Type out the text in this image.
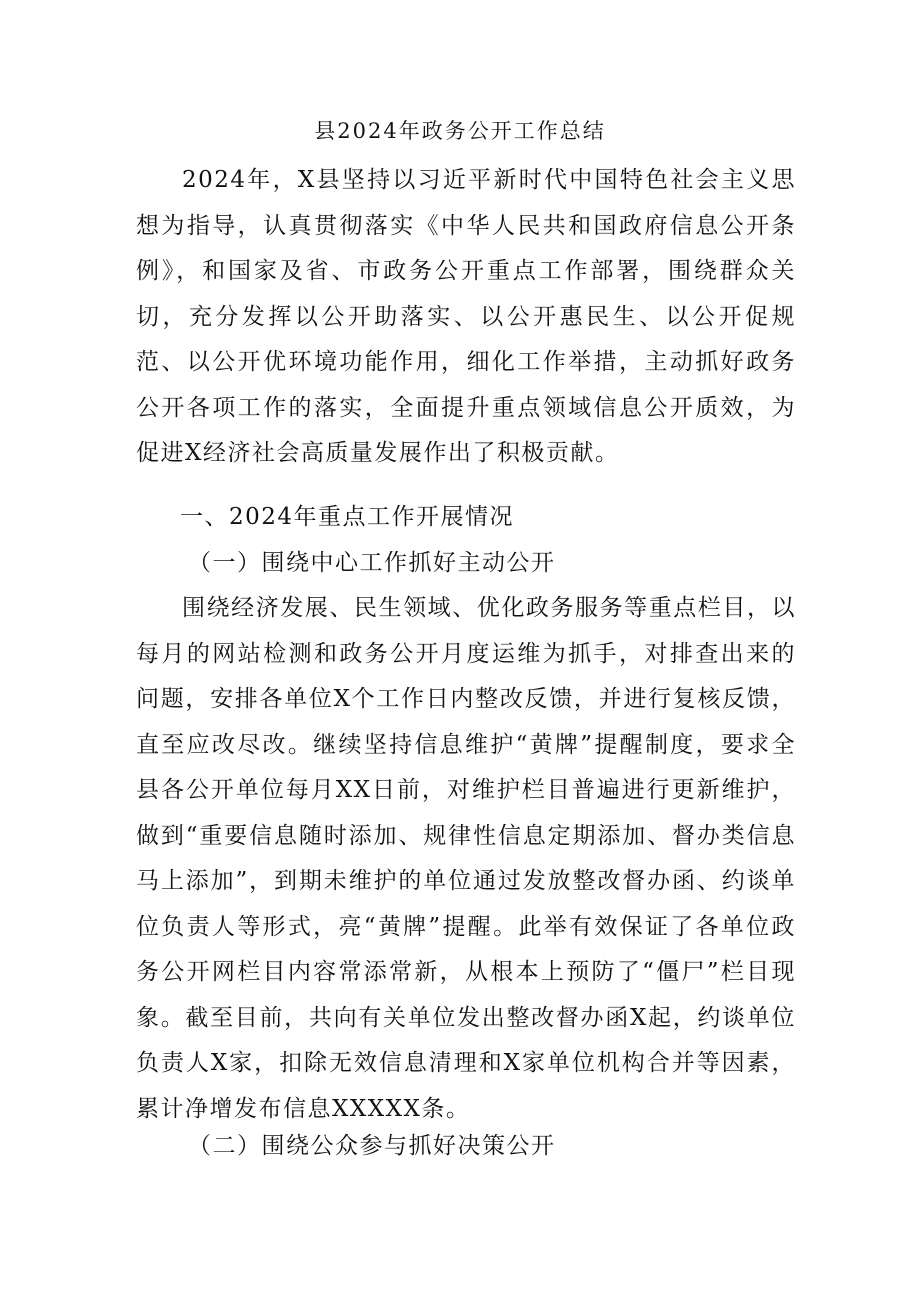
县2024年政务公开工作总结
2024年，X县坚持以习近平新时代中国特色社会主义思想为指导，认真贯彻落实《中华人民共和国政府信息公开条例》，和国家及省、市政务公开重点工作部署，围绕群众关切，充分发挥以公开助落实、以公开惠民生、以公开促规范、以公开优环境功能作用，细化工作举措，主动抓好政务公开各项工作的落实，全面提升重点领域信息公开质效，为促进X经济社会高质量发展作出了积极贡献。
一、2024年重点工作开展情况
（一）围绕中心工作抓好主动公开
围绕经济发展、民生领域、优化政务服务等重点栏目，以每月的网站检测和政务公开月度运维为抓手，对排查出来的问题，安排各单位X个工作日内整改反馈，并进行复核反馈，直至应改尽改。继续坚持信息维护“黄牌”提醒制度，要求全县各公开单位每月XX日前，对维护栏目普遍进行更新维护，做到“重要信息随时添加、规律性信息定期添加、督办类信息马上添加”，到期未维护的单位通过发放整改督办函、约谈单位负责人等形式，亮“黄牌”提醒。此举有效保证了各单位政务公开网栏目内容常添常新，从根本上预防了“僵尸”栏目现象。截至目前，共向有关单位发出整改督办函X起，约谈单位负责人X家，扣除无效信息清理和X家单位机构合并等因素，累计净增发布信息XXXXX条。
（二）围绕公众参与抓好决策公开
